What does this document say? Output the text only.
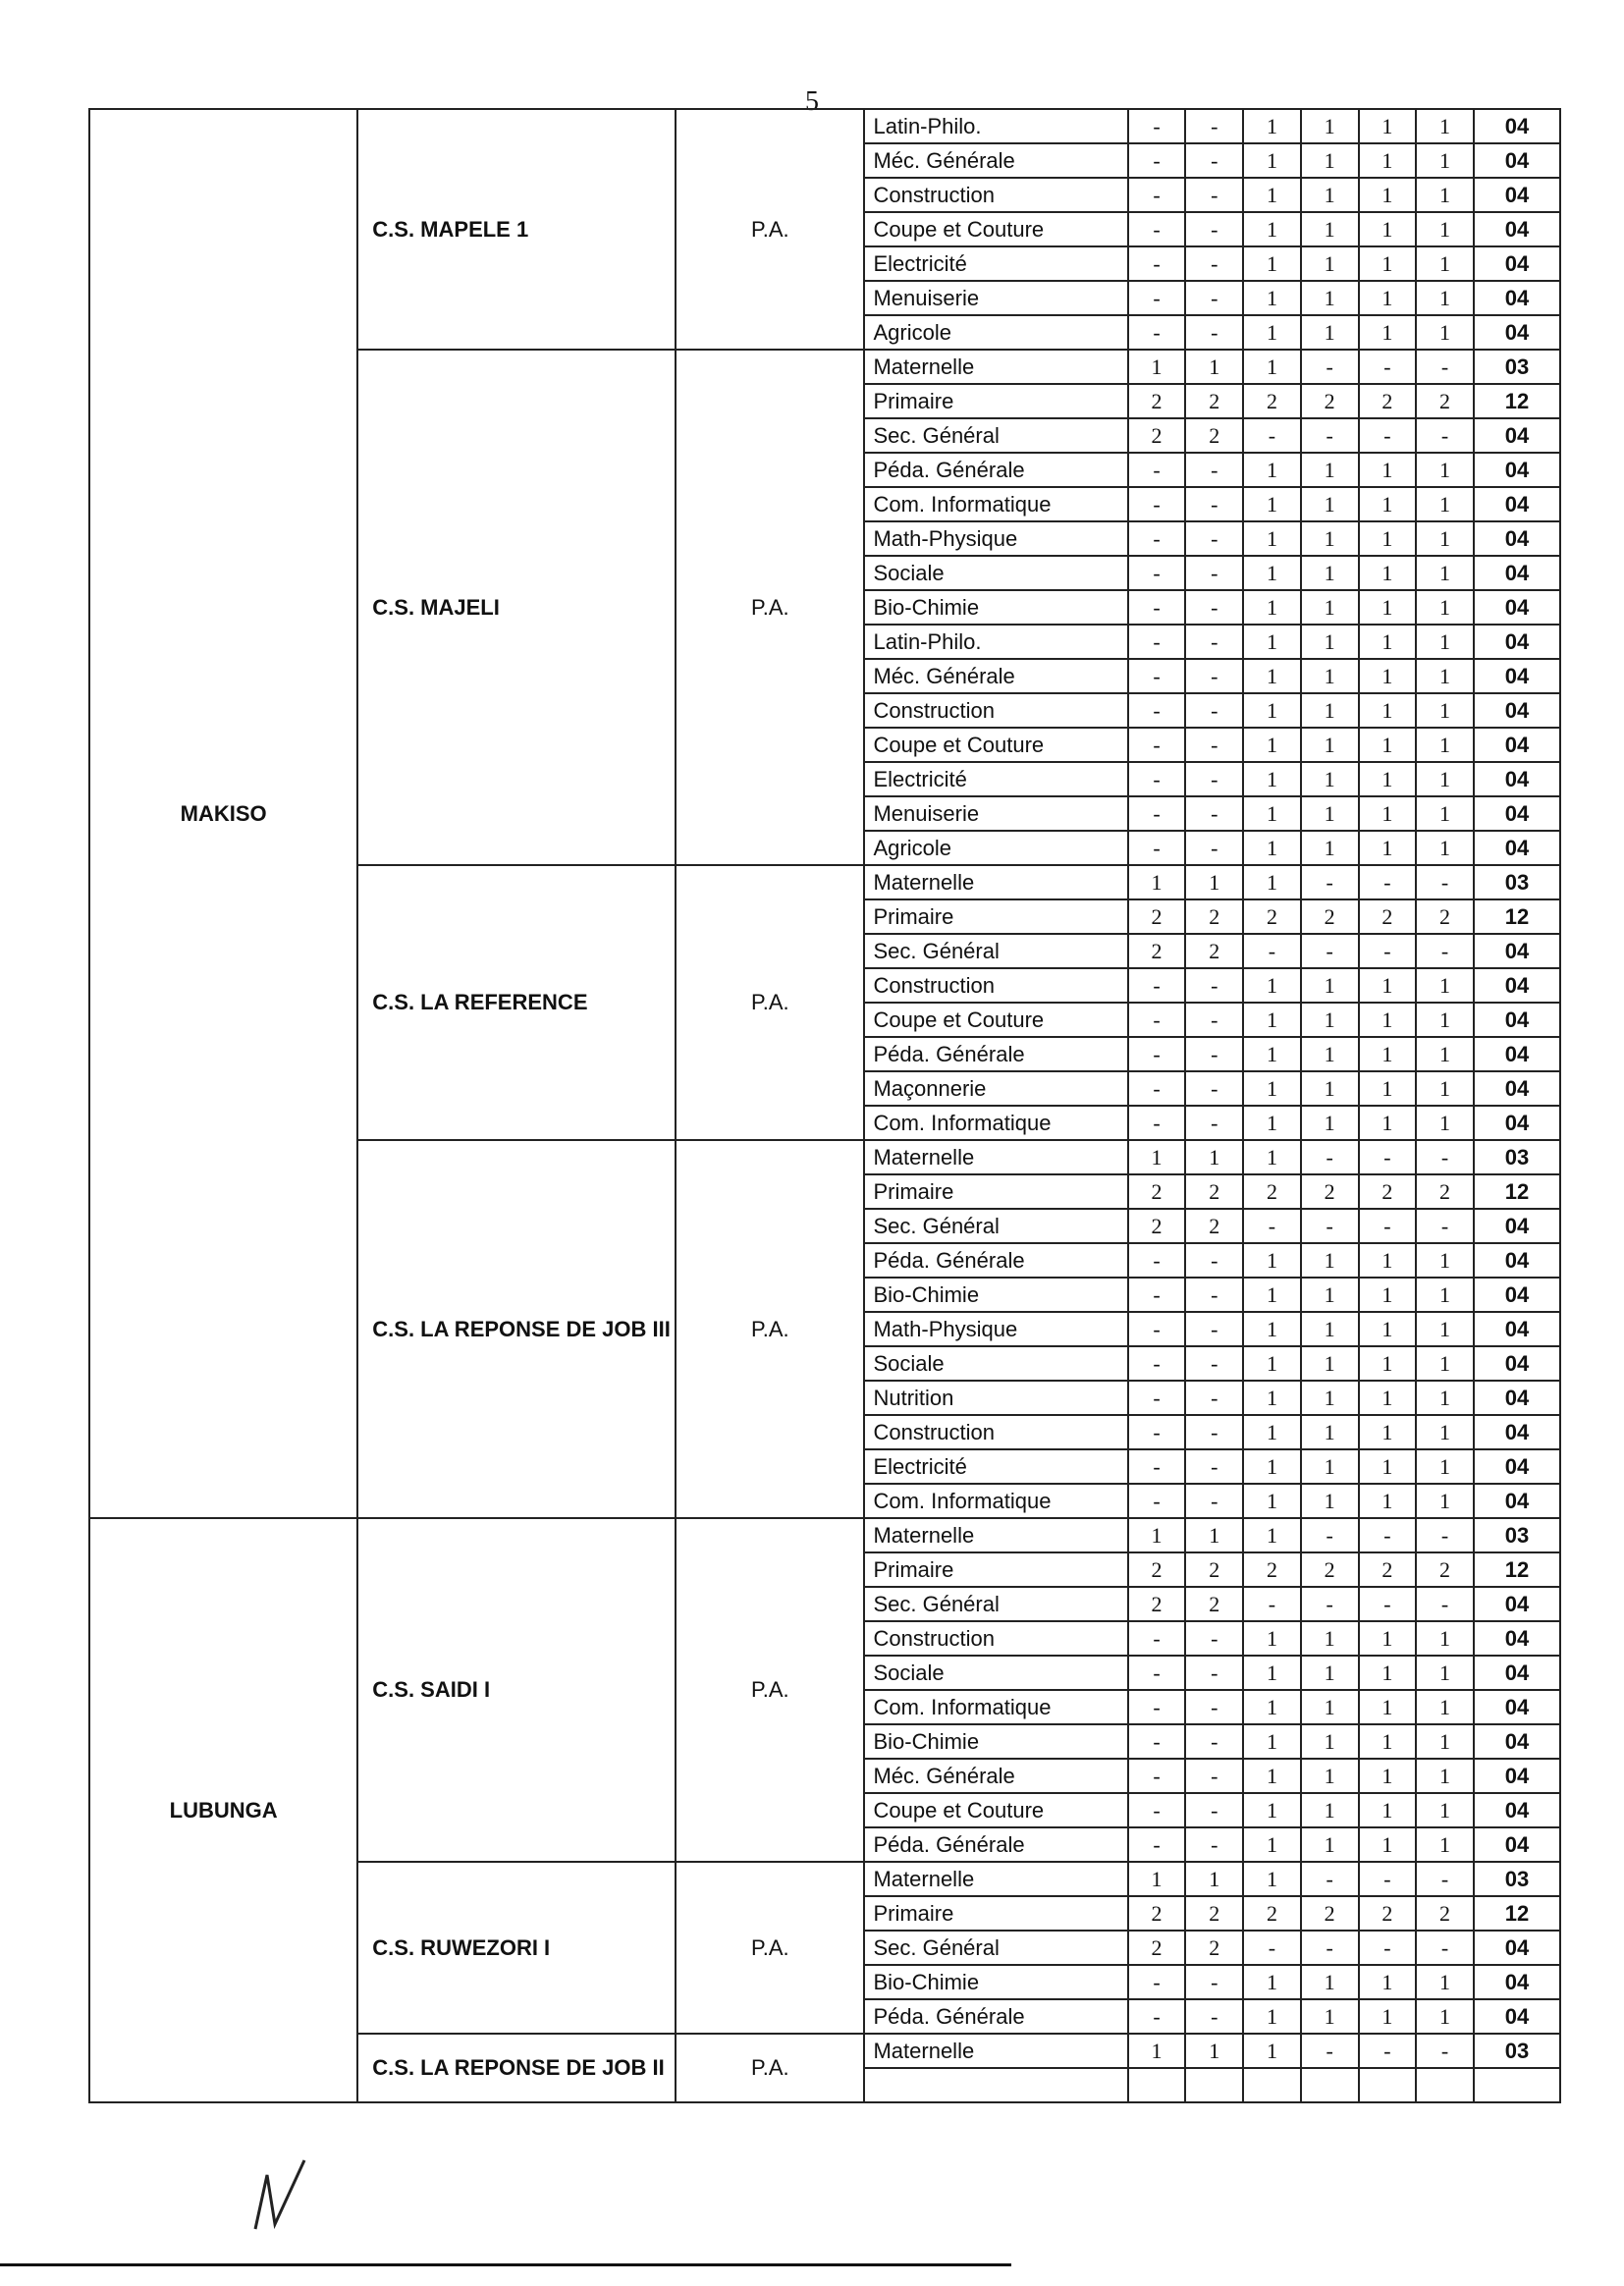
5
MAKISO	C.S. MAPELE 1	P.A.	Latin-Philo.	-	-	1	1	1	1	04
			Méc. Générale	-	-	1	1	1	1	04
			Construction	-	-	1	1	1	1	04
			Coupe et Couture	-	-	1	1	1	1	04
			Electricité	-	-	1	1	1	1	04
			Menuiserie	-	-	1	1	1	1	04
			Agricole	-	-	1	1	1	1	04
	C.S. MAJELI	P.A.	Maternelle	1	1	1	-	-	-	03
			Primaire	2	2	2	2	2	2	12
			Sec. Général	2	2	-	-	-	-	04
			Péda. Générale	-	-	1	1	1	1	04
			Com. Informatique	-	-	1	1	1	1	04
			Math-Physique	-	-	1	1	1	1	04
			Sociale	-	-	1	1	1	1	04
			Bio-Chimie	-	-	1	1	1	1	04
			Latin-Philo.	-	-	1	1	1	1	04
			Méc. Générale	-	-	1	1	1	1	04
			Construction	-	-	1	1	1	1	04
			Coupe et Couture	-	-	1	1	1	1	04
			Electricité	-	-	1	1	1	1	04
			Menuiserie	-	-	1	1	1	1	04
			Agricole	-	-	1	1	1	1	04
	C.S. LA REFERENCE	P.A.	Maternelle	1	1	1	-	-	-	03
			Primaire	2	2	2	2	2	2	12
			Sec. Général	2	2	-	-	-	-	04
			Construction	-	-	1	1	1	1	04
			Coupe et Couture	-	-	1	1	1	1	04
			Péda. Générale	-	-	1	1	1	1	04
			Maçonnerie	-	-	1	1	1	1	04
			Com. Informatique	-	-	1	1	1	1	04
	C.S. LA REPONSE DE JOB III	P.A.	Maternelle	1	1	1	-	-	-	03
			Primaire	2	2	2	2	2	2	12
			Sec. Général	2	2	-	-	-	-	04
			Péda. Générale	-	-	1	1	1	1	04
			Bio-Chimie	-	-	1	1	1	1	04
			Math-Physique	-	-	1	1	1	1	04
			Sociale	-	-	1	1	1	1	04
			Nutrition	-	-	1	1	1	1	04
			Construction	-	-	1	1	1	1	04
			Electricité	-	-	1	1	1	1	04
			Com. Informatique	-	-	1	1	1	1	04
LUBUNGA	C.S. SAIDI I	P.A.	Maternelle	1	1	1	-	-	-	03
			Primaire	2	2	2	2	2	2	12
			Sec. Général	2	2	-	-	-	-	04
			Construction	-	-	1	1	1	1	04
			Sociale	-	-	1	1	1	1	04
			Com. Informatique	-	-	1	1	1	1	04
			Bio-Chimie	-	-	1	1	1	1	04
			Méc. Générale	-	-	1	1	1	1	04
			Coupe et Couture	-	-	1	1	1	1	04
			Péda. Générale	-	-	1	1	1	1	04
	C.S. RUWEZORI I	P.A.	Maternelle	1	1	1	-	-	-	03
			Primaire	2	2	2	2	2	2	12
			Sec. Général	2	2	-	-	-	-	04
			Bio-Chimie	-	-	1	1	1	1	04
			Péda. Générale	-	-	1	1	1	1	04
	C.S. LA REPONSE DE JOB II	P.A.	Maternelle	1	1	1	-	-	-	03
